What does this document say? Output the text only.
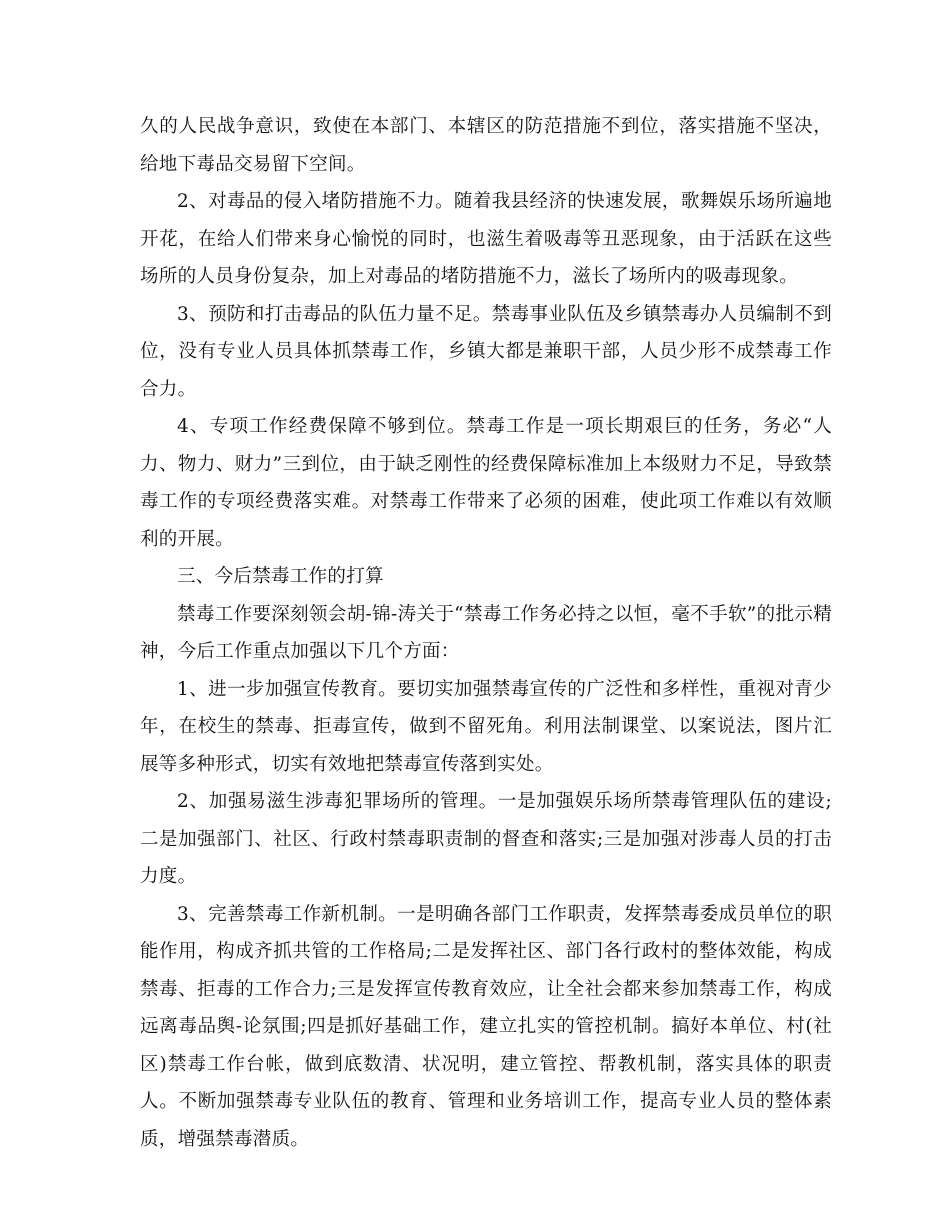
久的人民战争意识，致使在本部门、本辖区的防范措施不到位，落实措施不坚决，给地下毒品交易留下空间。

2、对毒品的侵入堵防措施不力。随着我县经济的快速发展，歌舞娱乐场所遍地开花，在给人们带来身心愉悦的同时，也滋生着吸毒等丑恶现象，由于活跃在这些场所的人员身份复杂，加上对毒品的堵防措施不力，滋长了场所内的吸毒现象。

3、预防和打击毒品的队伍力量不足。禁毒事业队伍及乡镇禁毒办人员编制不到位，没有专业人员具体抓禁毒工作，乡镇大都是兼职干部，人员少形不成禁毒工作合力。

4、专项工作经费保障不够到位。禁毒工作是一项长期艰巨的任务，务必“人力、物力、财力”三到位，由于缺乏刚性的经费保障标准加上本级财力不足，导致禁毒工作的专项经费落实难。对禁毒工作带来了必须的困难，使此项工作难以有效顺利的开展。

三、今后禁毒工作的打算

禁毒工作要深刻领会胡-锦-涛关于“禁毒工作务必持之以恒，毫不手软”的批示精神，今后工作重点加强以下几个方面：

1、进一步加强宣传教育。要切实加强禁毒宣传的广泛性和多样性，重视对青少年，在校生的禁毒、拒毒宣传，做到不留死角。利用法制课堂、以案说法，图片汇展等多种形式，切实有效地把禁毒宣传落到实处。

2、加强易滋生涉毒犯罪场所的管理。一是加强娱乐场所禁毒管理队伍的建设;二是加强部门、社区、行政村禁毒职责制的督查和落实;三是加强对涉毒人员的打击力度。

3、完善禁毒工作新机制。一是明确各部门工作职责，发挥禁毒委成员单位的职能作用，构成齐抓共管的工作格局;二是发挥社区、部门各行政村的整体效能，构成禁毒、拒毒的工作合力;三是发挥宣传教育效应，让全社会都来参加禁毒工作，构成远离毒品舆-论氛围;四是抓好基础工作，建立扎实的管控机制。搞好本单位、村(社区)禁毒工作台帐，做到底数清、状况明，建立管控、帮教机制，落实具体的职责人。不断加强禁毒专业队伍的教育、管理和业务培训工作，提高专业人员的整体素质，增强禁毒潜质。
